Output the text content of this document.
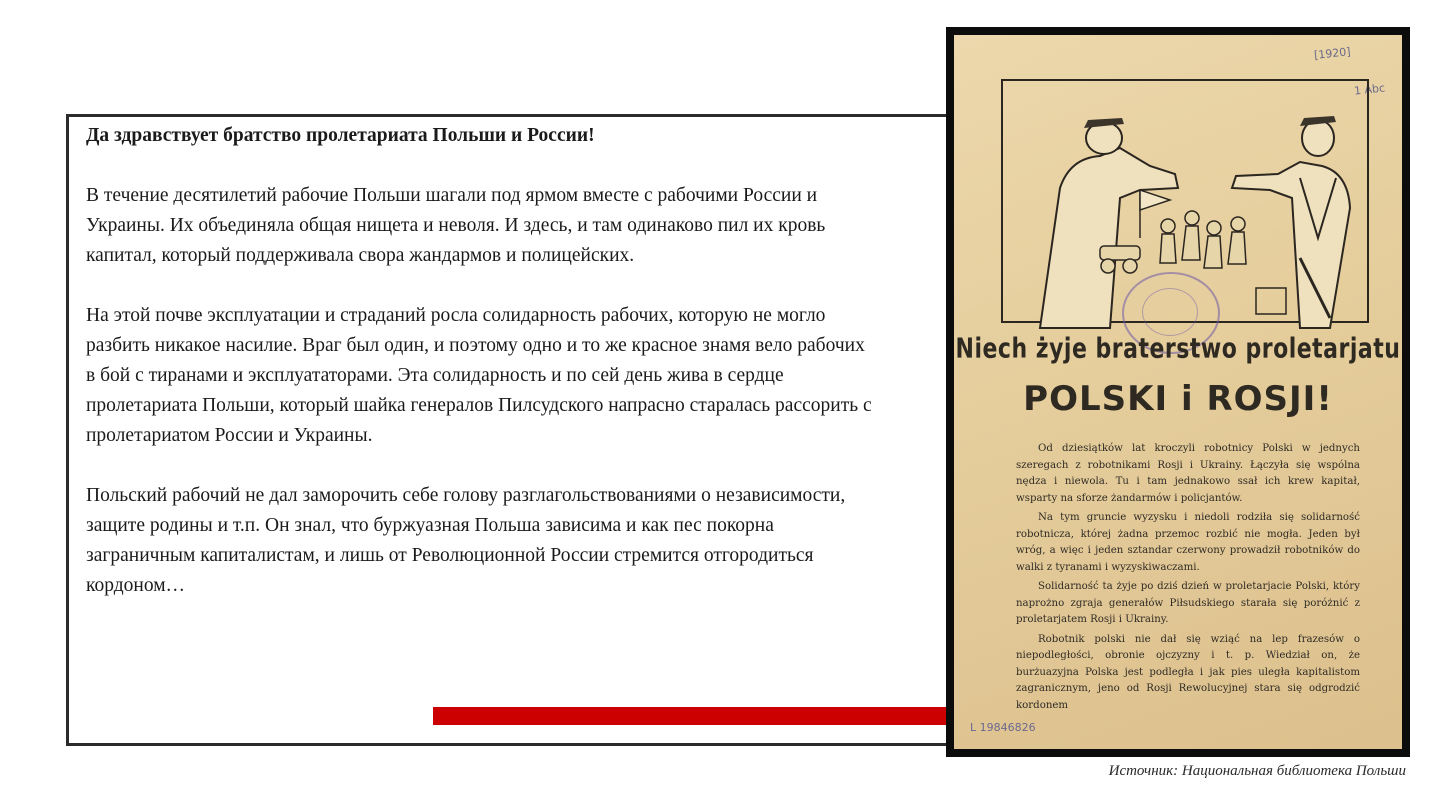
Да здравствует братство пролетариата Польши и России!

В течение десятилетий рабочие Польши шагали под ярмом вместе с рабочими России и Украины. Их объединяла общая нищета и неволя. И здесь, и там одинаково пил их кровь капитал, который поддерживала свора жандармов и полицейских.

На этой почве эксплуатации и страданий росла солидарность рабочих, которую не могло разбить никакое насилие. Враг был один, и поэтому одно и то же красное знамя вело рабочих в бой с тиранами и эксплуататорами. Эта солидарность и по сей день жива в сердце пролетариата Польши, который шайка генералов Пилсудского напрасно старалась рассорить с пролетариатом России и Украины.

Польский рабочий не дал заморочить себе голову разглагольствованиями о независимости, защите родины и т.п. Он знал, что буржуазная Польша зависима и как пес покорна заграничным капиталистам, и лишь от Революционной России стремится отгородиться кордоном…

[1920]
1 Abc
Niech żyje braterstwo proletarjatu
POLSKI i ROSJI!

Od dziesiątków lat kroczyli robotnicy Polski w jednych szeregach z robotnikami Rosji i Ukrainy. Łączyła się wspólna nędza i niewola. Tu i tam jednakowo ssał ich krew kapitał, wsparty na sforze żandarmów i policjantów.

Na tym gruncie wyzysku i niedoli rodziła się solidarność robotnicza, której żadna przemoc rozbić nie mogła. Jeden był wróg, a więc i jeden sztandar czerwony prowadził robotników do walki z tyranami i wyzyskiwaczami.

Solidarność ta żyje po dziś dzień w proletarjacie Polski, który naprożno zgraja generałów Piłsudskiego starała się poróżnić z proletarjatem Rosji i Ukrainy.

Robotnik polski nie dał się wziąć na lep frazesów o niepodległości, obronie ojczyzny i t. p. Wiedział on, że burżuazyjna Polska jest podległa i jak pies uległa kapitalistom zagranicznym, jeno od Rosji Rewolucyjnej stara się odgrodzić kordonem

L 19846826
Источник: Национальная библиотека Польши
